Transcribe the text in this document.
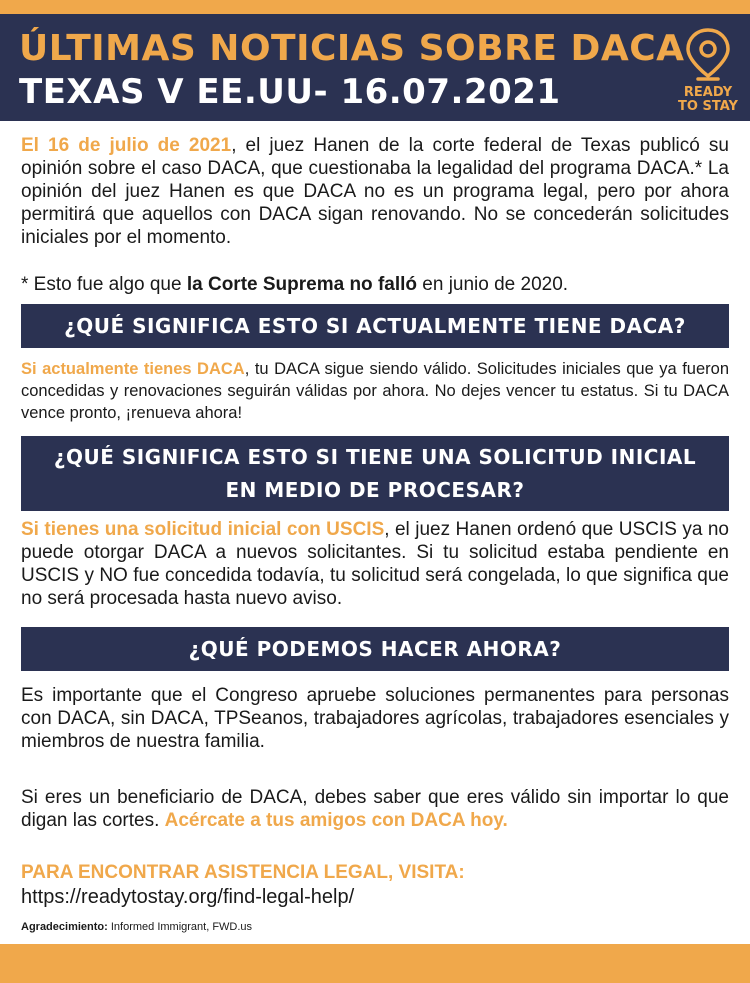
ÚLTIMAS NOTICIAS SOBRE DACA
TEXAS V EE.UU- 16.07.2021	READY
TO STAY

El 16 de julio de 2021, el juez Hanen de la corte federal de Texas publicó su opinión sobre el caso DACA, que cuestionaba la legalidad del programa DACA.* La opinión del juez Hanen es que DACA no es un programa legal, pero por ahora permitirá que aquellos con DACA sigan renovando. No se concederán solicitudes iniciales por el momento.

* Esto fue algo que la Corte Suprema no falló en junio de 2020.

¿QUÉ SIGNIFICA ESTO SI ACTUALMENTE TIENE DACA?

Si actualmente tienes DACA, tu DACA sigue siendo válido. Solicitudes iniciales que ya fueron concedidas y renovaciones seguirán válidas por ahora. No dejes vencer tu estatus. Si tu DACA vence pronto, ¡renueva ahora!

¿QUÉ SIGNIFICA ESTO SI TIENE UNA SOLICITUD INICIAL EN MEDIO DE PROCESAR?

Si tienes una solicitud inicial con USCIS, el juez Hanen ordenó que USCIS ya no puede otorgar DACA a nuevos solicitantes. Si tu solicitud estaba pendiente en USCIS y NO fue concedida todavía, tu solicitud será congelada, lo que significa que no será procesada hasta nuevo aviso.

¿QUÉ PODEMOS HACER AHORA?

Es importante que el Congreso apruebe soluciones permanentes para personas con DACA, sin DACA, TPSeanos, trabajadores agrícolas, trabajadores esenciales y miembros de nuestra familia.

Si eres un beneficiario de DACA, debes saber que eres válido sin importar lo que digan las cortes. Acércate a tus amigos con DACA hoy.

PARA ENCONTRAR ASISTENCIA LEGAL, VISITA:
https://readytostay.org/find-legal-help/
Agradecimiento: Informed Immigrant, FWD.us
